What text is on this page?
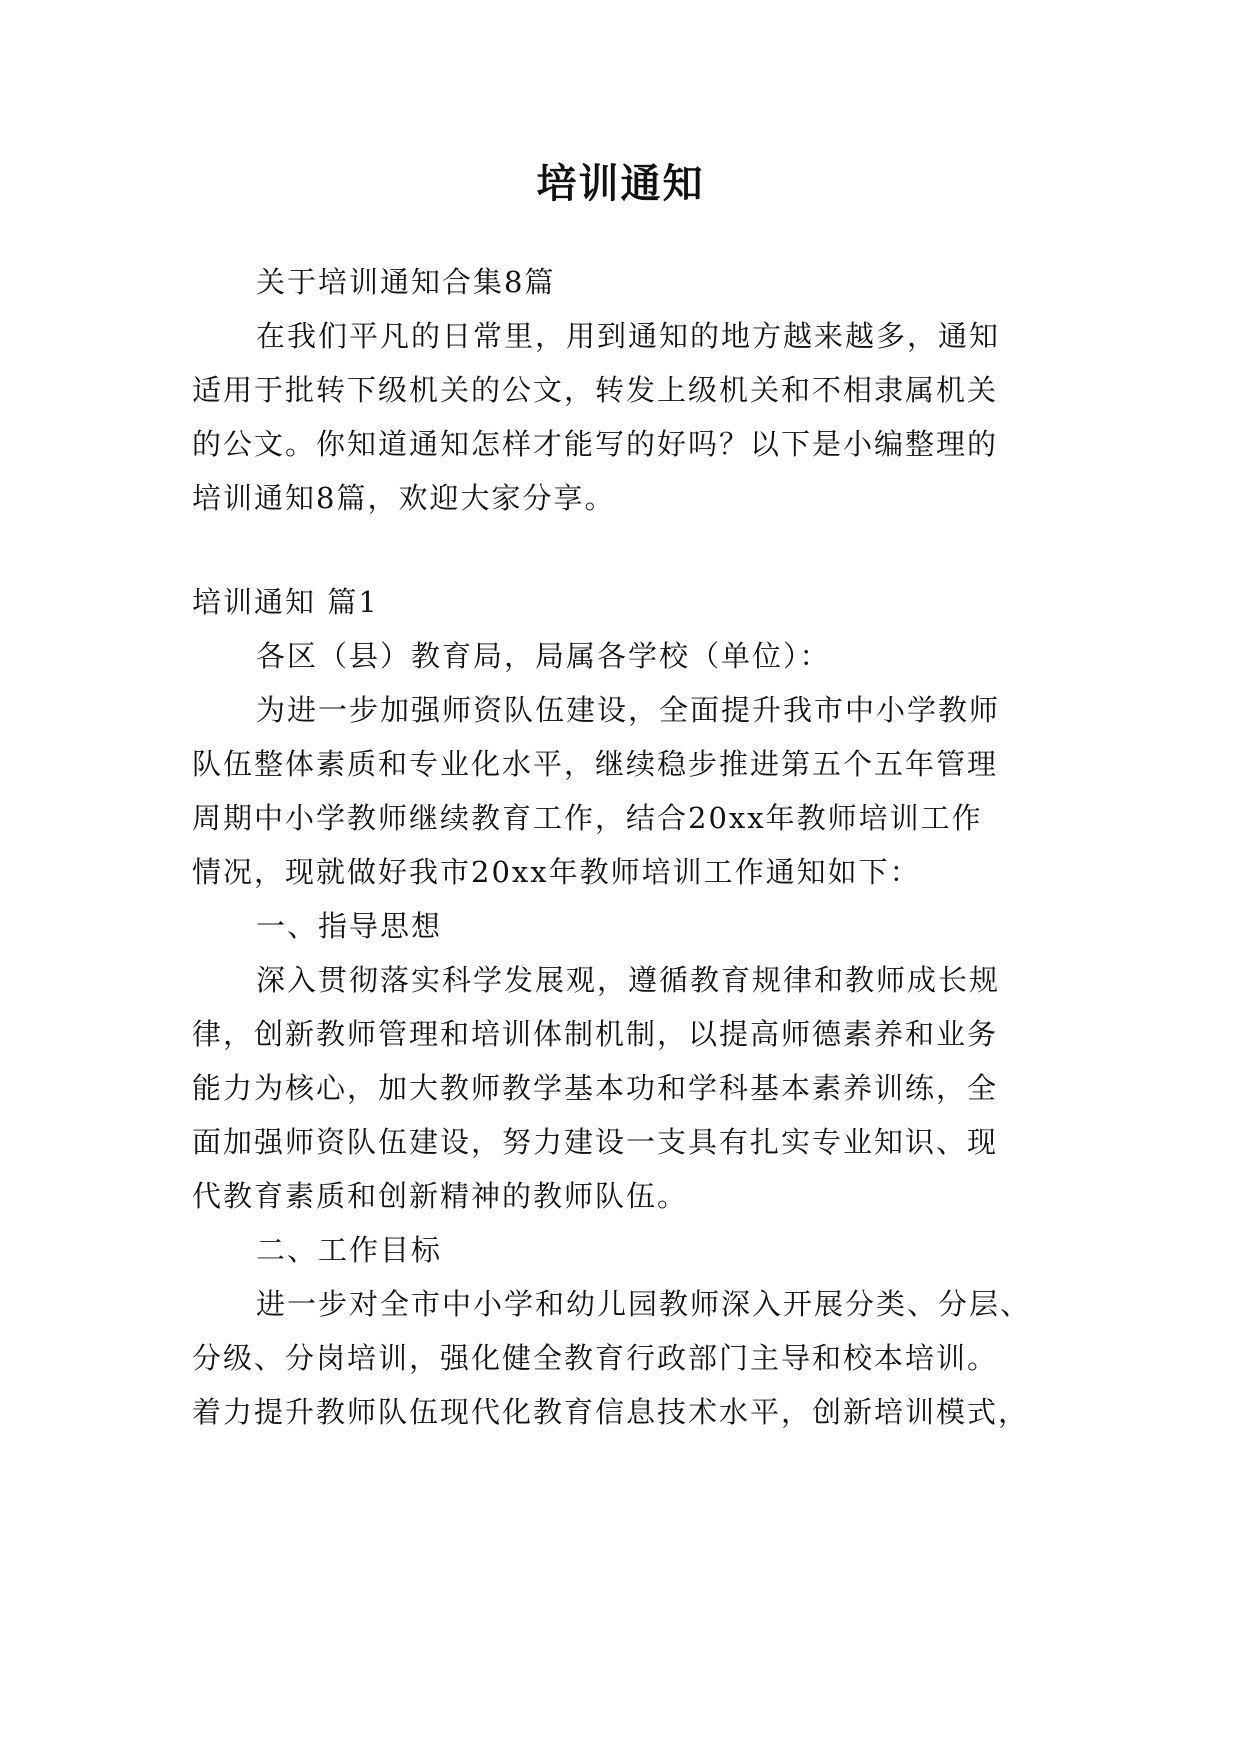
培训通知
关于培训通知合集8篇
在我们平凡的日常里，用到通知的地方越来越多，通知
适用于批转下级机关的公文，转发上级机关和不相隶属机关
的公文。你知道通知怎样才能写的好吗？以下是小编整理的
培训通知8篇，欢迎大家分享。
培训通知 篇1
各区（县）教育局，局属各学校（单位）：
为进一步加强师资队伍建设，全面提升我市中小学教师
队伍整体素质和专业化水平，继续稳步推进第五个五年管理
周期中小学教师继续教育工作，结合20xx年教师培训工作
情况，现就做好我市20xx年教师培训工作通知如下：
一、指导思想
深入贯彻落实科学发展观，遵循教育规律和教师成长规
律，创新教师管理和培训体制机制，以提高师德素养和业务
能力为核心，加大教师教学基本功和学科基本素养训练，全
面加强师资队伍建设，努力建设一支具有扎实专业知识、现
代教育素质和创新精神的教师队伍。
二、工作目标
进一步对全市中小学和幼儿园教师深入开展分类、分层、
分级、分岗培训，强化健全教育行政部门主导和校本培训。
着力提升教师队伍现代化教育信息技术水平，创新培训模式，
